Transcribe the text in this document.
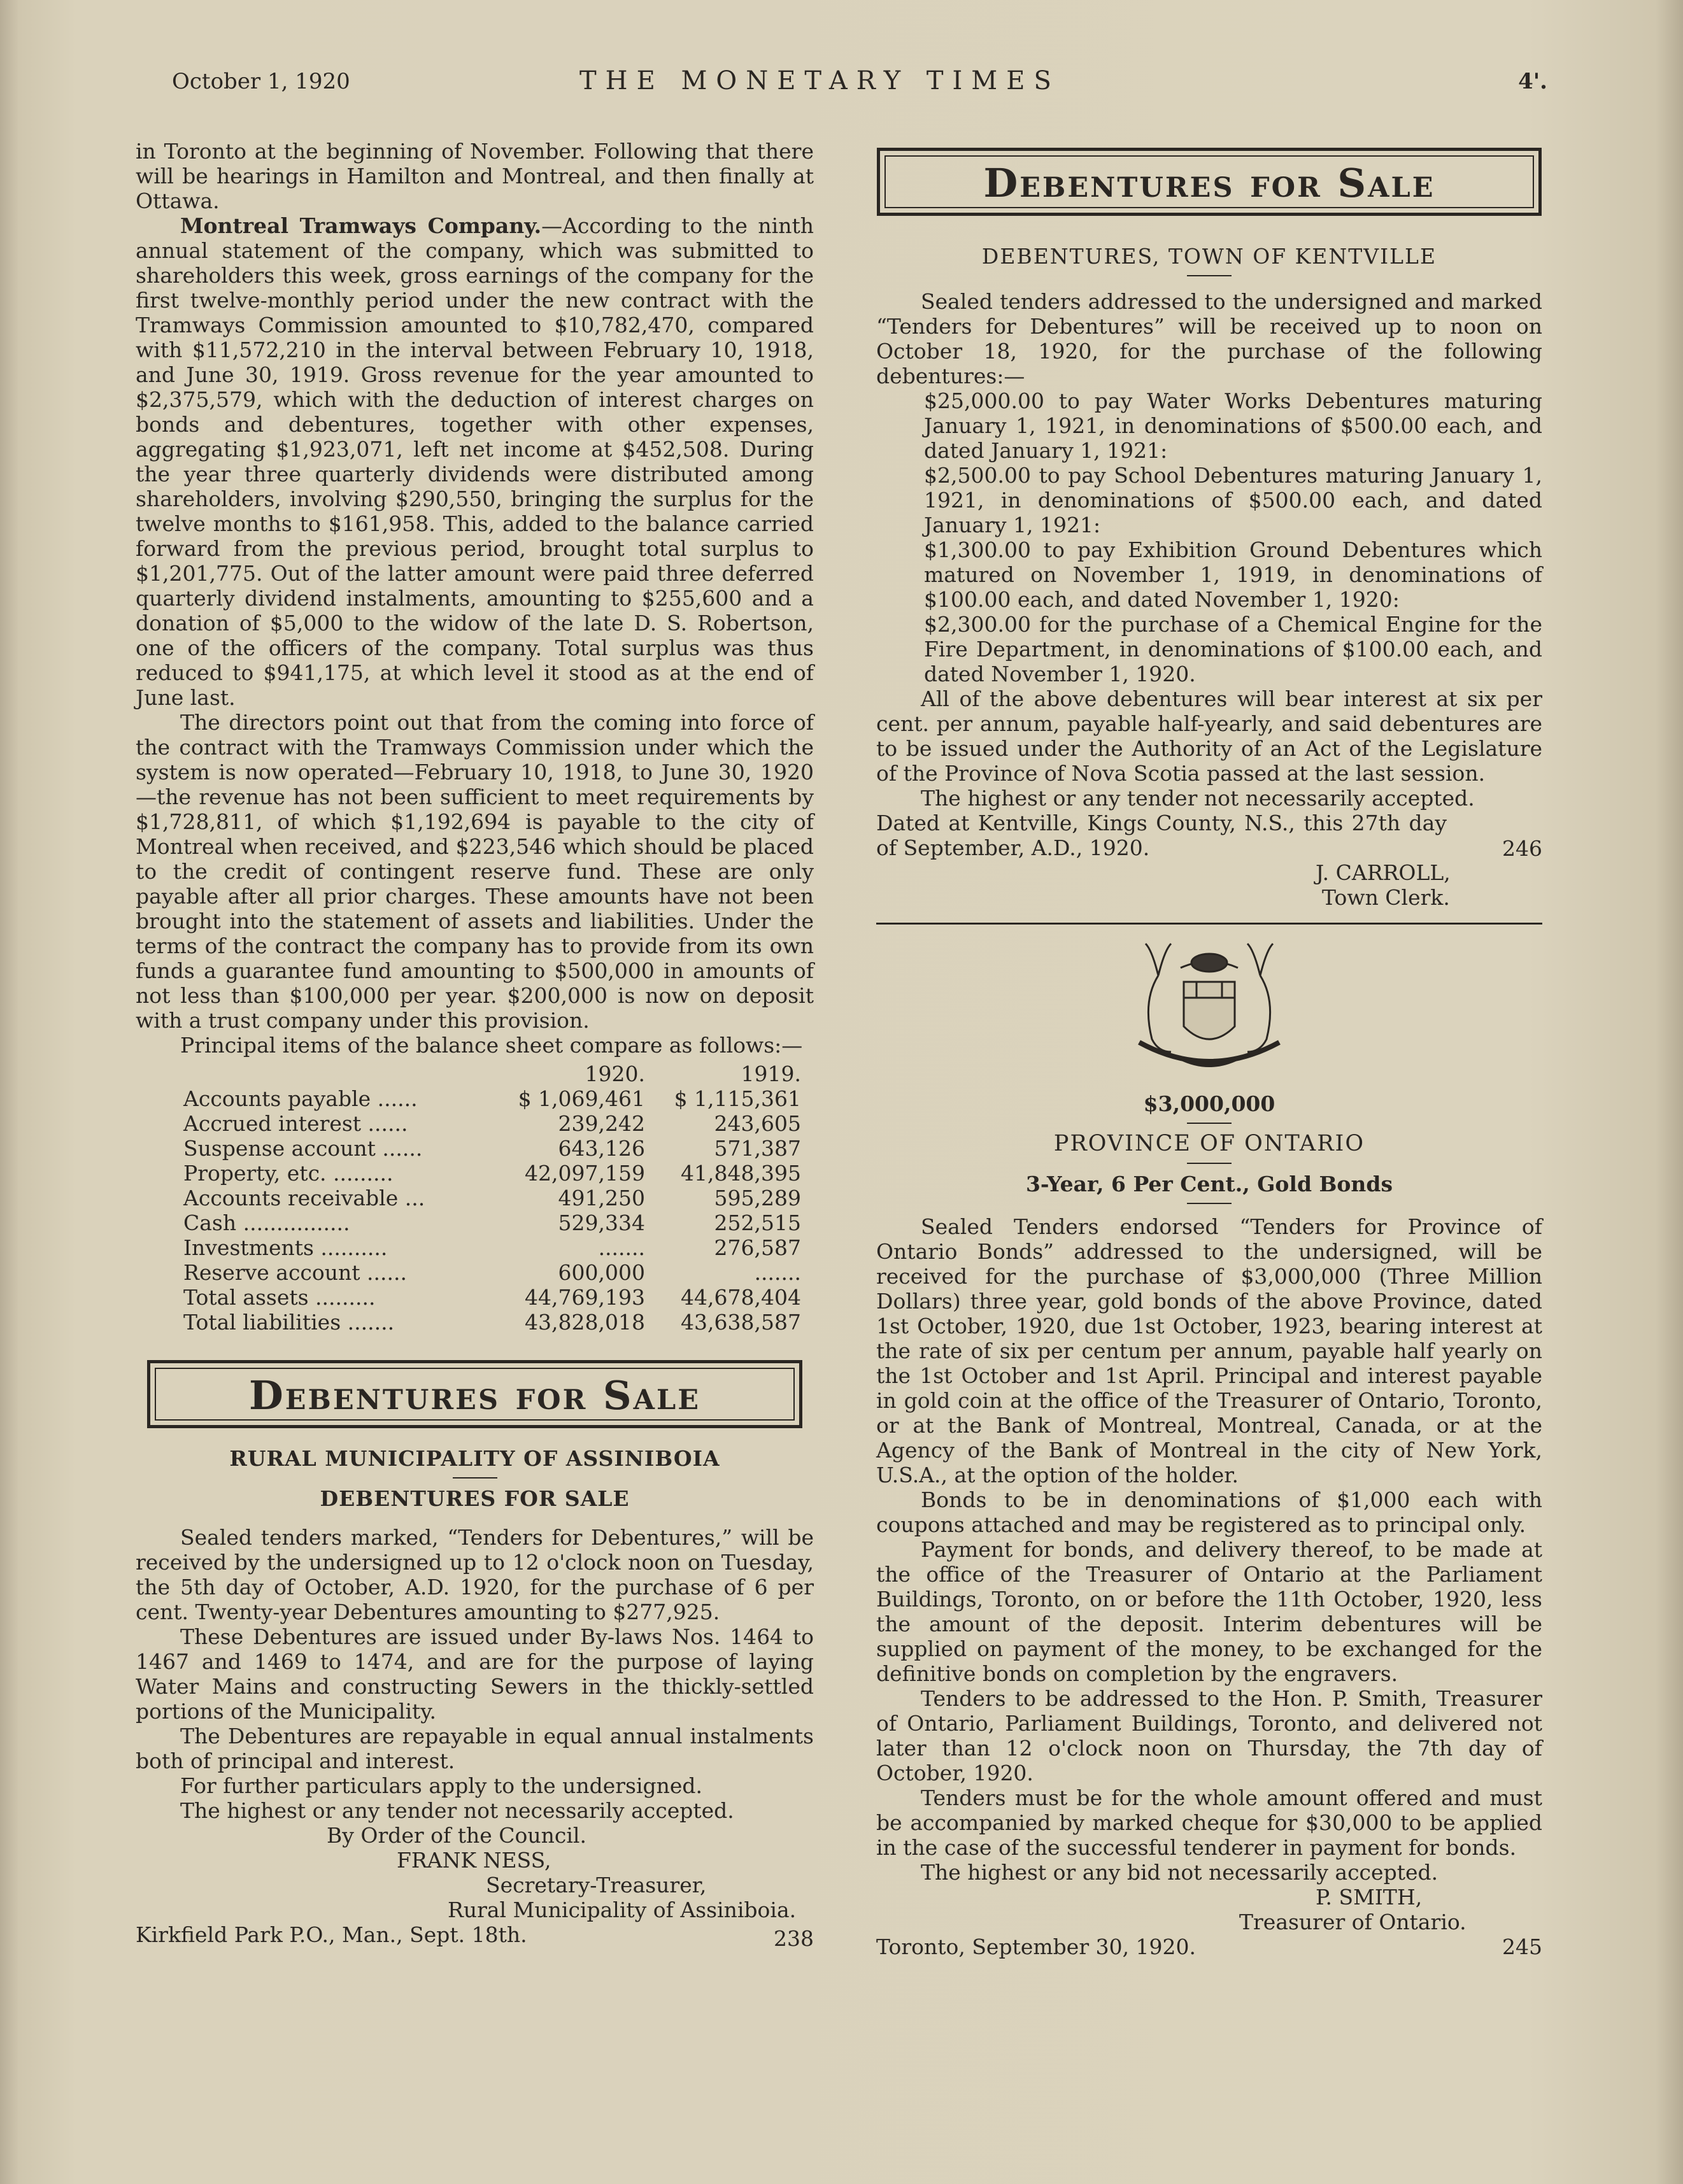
October 1, 1920	THE MONETARY TIMES	4'.

in Toronto at the beginning of November. Following that there will be hearings in Hamilton and Montreal, and then finally at Ottawa.

Montreal Tramways Company.—According to the ninth annual statement of the company, which was submitted to shareholders this week, gross earnings of the company for the first twelve-monthly period under the new contract with the Tramways Commission amounted to $10,782,470, compared with $11,572,210 in the interval between February 10, 1918, and June 30, 1919. Gross revenue for the year amounted to $2,375,579, which with the deduction of interest charges on bonds and debentures, together with other expenses, aggregating $1,923,071, left net income at $452,508. During the year three quarterly dividends were distributed among shareholders, involving $290,550, bringing the surplus for the twelve months to $161,958. This, added to the balance carried forward from the previous period, brought total surplus to $1,201,775. Out of the latter amount were paid three deferred quarterly dividend instalments, amounting to $255,600 and a donation of $5,000 to the widow of the late D. S. Robertson, one of the officers of the company. Total surplus was thus reduced to $941,175, at which level it stood as at the end of June last.

The directors point out that from the coming into force of the contract with the Tramways Commission under which the system is now operated—February 10, 1918, to June 30, 1920—the revenue has not been sufficient to meet requirements by $1,728,811, of which $1,192,694 is payable to the city of Montreal when received, and $223,546 which should be placed to the credit of contingent reserve fund. These are only payable after all prior charges. These amounts have not been brought into the statement of assets and liabilities. Under the terms of the contract the company has to provide from its own funds a guarantee fund amounting to $500,000 in amounts of not less than $100,000 per year. $200,000 is now on deposit with a trust company under this provision.

Principal items of the balance sheet compare as follows:—

	1920.	1919.
Accounts payable ......	$ 1,069,461	$ 1,115,361
Accrued interest ......	239,242	243,605
Suspense account ......	643,126	571,387
Property, etc. .........	42,097,159	41,848,395
Accounts receivable ...	491,250	595,289
Cash ................	529,334	252,515
Investments ..........	.......	276,587
Reserve account ......	600,000	.......
Total assets .........	44,769,193	44,678,404
Total liabilities .......	43,828,018	43,638,587
Debentures for Sale

RURAL MUNICIPALITY OF ASSINIBOIA

DEBENTURES FOR SALE

Sealed tenders marked, “Tenders for Debentures,” will be received by the undersigned up to 12 o'clock noon on Tuesday, the 5th day of October, A.D. 1920, for the purchase of 6 per cent. Twenty-year Debentures amounting to $277,925.

These Debentures are issued under By-laws Nos. 1464 to 1467 and 1469 to 1474, and are for the purpose of laying Water Mains and constructing Sewers in the thickly-settled portions of the Municipality.

The Debentures are repayable in equal annual instalments both of principal and interest.

For further particulars apply to the undersigned.

The highest or any tender not necessarily accepted.

By Order of the Council.

FRANK NESS,

Secretary-Treasurer,

Rural Municipality of Assiniboia.

Kirkfield Park P.O., Man., Sept. 18th.	238
Debentures for Sale

DEBENTURES, TOWN OF KENTVILLE

Sealed tenders addressed to the undersigned and marked “Tenders for Debentures” will be received up to noon on October 18, 1920, for the purchase of the following debentures:—

$25,000.00 to pay Water Works Debentures maturing January 1, 1921, in denominations of $500.00 each, and dated January 1, 1921:

$2,500.00 to pay School Debentures maturing January 1, 1921, in denominations of $500.00 each, and dated January 1, 1921:

$1,300.00 to pay Exhibition Ground Debentures which matured on November 1, 1919, in denominations of $100.00 each, and dated November 1, 1920:

$2,300.00 for the purchase of a Chemical Engine for the Fire Department, in denominations of $100.00 each, and dated November 1, 1920.

All of the above debentures will bear interest at six per cent. per annum, payable half-yearly, and said debentures are to be issued under the Authority of an Act of the Legislature of the Province of Nova Scotia passed at the last session.

The highest or any tender not necessarily accepted.

Dated at Kentville, Kings County, N.S., this 27th day of September, A.D., 1920.	246

J. CARROLL,

Town Clerk.

$3,000,000

PROVINCE OF ONTARIO

3-Year, 6 Per Cent., Gold Bonds

Sealed Tenders endorsed “Tenders for Province of Ontario Bonds” addressed to the undersigned, will be received for the purchase of $3,000,000 (Three Million Dollars) three year, gold bonds of the above Province, dated 1st October, 1920, due 1st October, 1923, bearing interest at the rate of six per centum per annum, payable half yearly on the 1st October and 1st April. Principal and interest payable in gold coin at the office of the Treasurer of Ontario, Toronto, or at the Bank of Montreal, Montreal, Canada, or at the Agency of the Bank of Montreal in the city of New York, U.S.A., at the option of the holder.

Bonds to be in denominations of $1,000 each with coupons attached and may be registered as to principal only.

Payment for bonds, and delivery thereof, to be made at the office of the Treasurer of Ontario at the Parliament Buildings, Toronto, on or before the 11th October, 1920, less the amount of the deposit. Interim debentures will be supplied on payment of the money, to be exchanged for the definitive bonds on completion by the engravers.

Tenders to be addressed to the Hon. P. Smith, Treasurer of Ontario, Parliament Buildings, Toronto, and delivered not later than 12 o'clock noon on Thursday, the 7th day of October, 1920.

Tenders must be for the whole amount offered and must be accompanied by marked cheque for $30,000 to be applied in the case of the successful tenderer in payment for bonds.

The highest or any bid not necessarily accepted.

P. SMITH,

Treasurer of Ontario.

Toronto, September 30, 1920.	245
